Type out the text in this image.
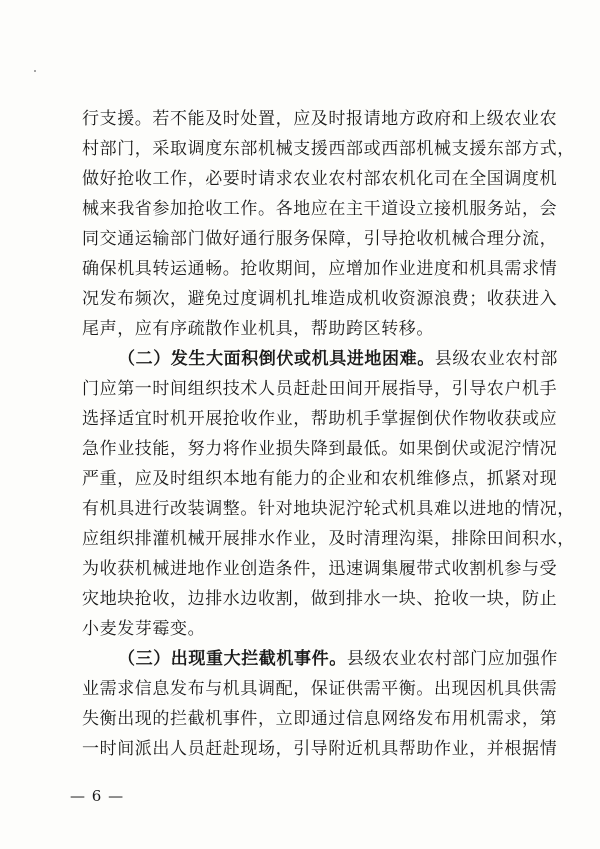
行支援。若不能及时处置，应及时报请地方政府和上级农业农
村部门，采取调度东部机械支援西部或西部机械支援东部方式，
做好抢收工作，必要时请求农业农村部农机化司在全国调度机
械来我省参加抢收工作。各地应在主干道设立接机服务站，会
同交通运输部门做好通行服务保障，引导抢收机械合理分流，
确保机具转运通畅。抢收期间，应增加作业进度和机具需求情
况发布频次，避免过度调机扎堆造成机收资源浪费；收获进入
尾声，应有序疏散作业机具，帮助跨区转移。
（二）发生大面积倒伏或机具进地困难。县级农业农村部
门应第一时间组织技术人员赶赴田间开展指导，引导农户机手
选择适宜时机开展抢收作业，帮助机手掌握倒伏作物收获或应
急作业技能，努力将作业损失降到最低。如果倒伏或泥泞情况
严重，应及时组织本地有能力的企业和农机维修点，抓紧对现
有机具进行改装调整。针对地块泥泞轮式机具难以进地的情况，
应组织排灌机械开展排水作业，及时清理沟渠，排除田间积水，
为收获机械进地作业创造条件，迅速调集履带式收割机参与受
灾地块抢收，边排水边收割，做到排水一块、抢收一块，防止
小麦发芽霉变。
— 6 —
（三）出现重大拦截机事件。县级农业农村部门应加强作
业需求信息发布与机具调配，保证供需平衡。出现因机具供需
失衡出现的拦截机事件，立即通过信息网络发布用机需求，第
一时间派出人员赶赴现场，引导附近机具帮助作业，并根据情
